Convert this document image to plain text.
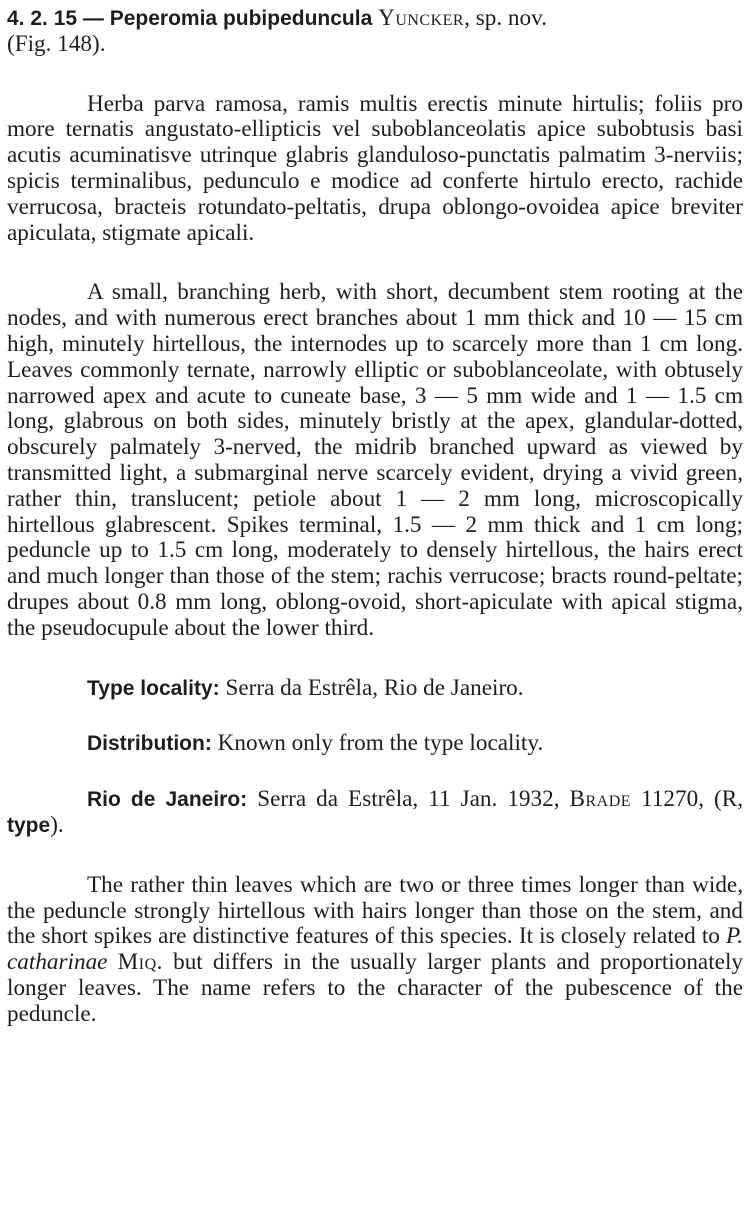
4. 2. 15 — Peperomia pubipeduncula Yuncker, sp. nov.
(Fig. 148).

Herba parva ramosa, ramis multis erectis minute hirtulis; foliis pro more ternatis angustato-ellipticis vel suboblanceolatis apice subobtusis basi acutis acuminatisve utrinque glabris glanduloso-punctatis palmatim 3-nerviis; spicis terminalibus, pedunculo e modice ad conferte hirtulo erecto, rachide verrucosa, bracteis rotundato-peltatis, drupa oblongo-ovoidea apice breviter apiculata, stigmate apicali.

A small, branching herb, with short, decumbent stem rooting at the nodes, and with numerous erect branches about 1 mm thick and 10 — 15 cm high, minutely hirtellous, the internodes up to scarcely more than 1 cm long. Leaves commonly ternate, narrowly elliptic or suboblanceolate, with obtusely narrowed apex and acute to cuneate base, 3 — 5 mm wide and 1 — 1.5 cm long, glabrous on both sides, minutely bristly at the apex, glandular-dotted, obscurely palmately 3-nerved, the midrib branched upward as viewed by transmitted light, a submarginal nerve scarcely evident, drying a vivid green, rather thin, translucent; petiole about 1 — 2 mm long, microscopically hirtellous glabrescent. Spikes terminal, 1.5 — 2 mm thick and 1 cm long; peduncle up to 1.5 cm long, moderately to densely hirtellous, the hairs erect and much longer than those of the stem; rachis verrucose; bracts round-peltate; drupes about 0.8 mm long, oblong-ovoid, short-apiculate with apical stigma, the pseudocupule about the lower third.

Type locality: Serra da Estrêla, Rio de Janeiro.

Distribution: Known only from the type locality.

Rio de Janeiro: Serra da Estrêla, 11 Jan. 1932, Brade 11270, (R, type).

The rather thin leaves which are two or three times longer than wide, the peduncle strongly hirtellous with hairs longer than those on the stem, and the short spikes are distinctive features of this species. It is closely related to P. catharinae Miq. but differs in the usually larger plants and proportionately longer leaves. The name refers to the character of the pubescence of the peduncle.
